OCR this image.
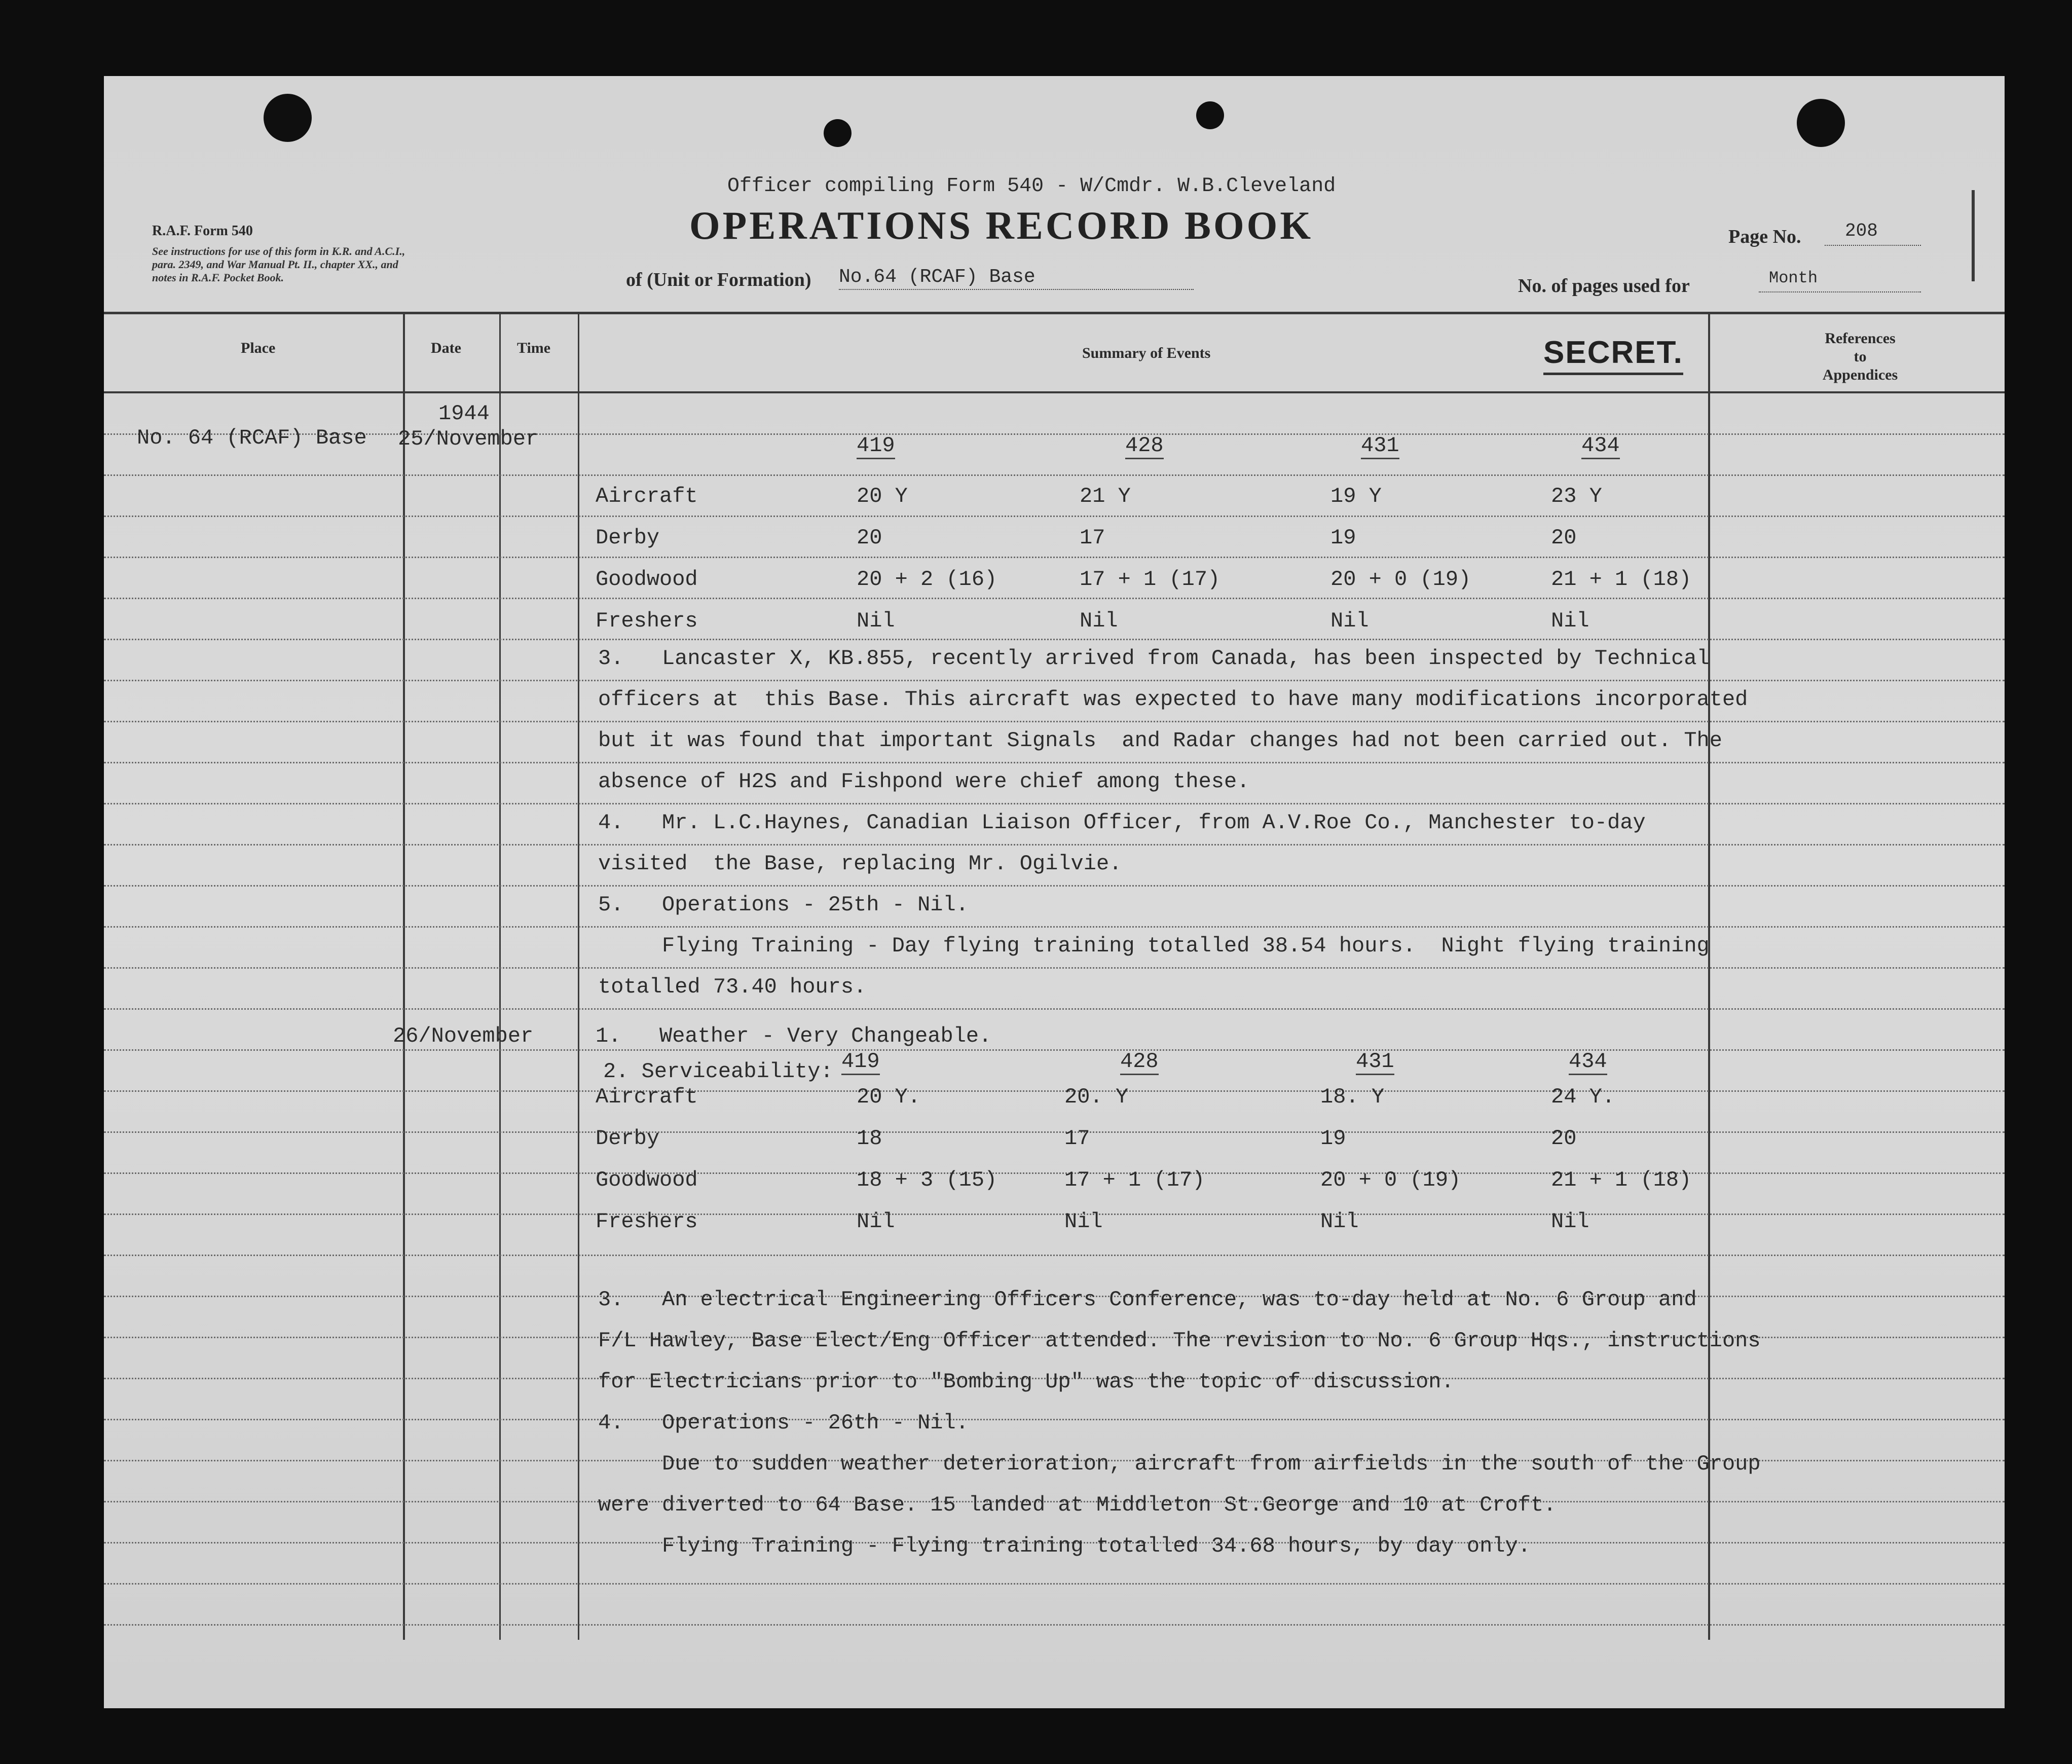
R.A.F. Form 540
See instructions for use of this form in K.R. and A.C.I.,
para. 2349, and War Manual Pt. II., chapter XX., and
notes in R.A.F. Pocket Book.
Officer compiling Form 540 - W/Cmdr. W.B.Cleveland
OPERATIONS RECORD BOOK	Page No.	208
of (Unit or Formation) No.64 (RCAF) Base	No. of pages used for	Month
Place	Date	Time	Summary of Events	SECRET.	References
to
Appendices
No. 64 (RCAF) Base
1944
25/November
26/November
419	428	431	434
Aircraft	20 Y	21 Y	19 Y	23 Y
Derby	20	17	19	20
Goodwood	20 + 2 (16)	17 + 1 (17)	20 + 0 (19)	21 + 1 (18)
Freshers	Nil	Nil	Nil	Nil
3.   Lancaster X, KB.855, recently arrived from Canada, has been inspected by Technical
officers at  this Base. This aircraft was expected to have many modifications incorporated
but it was found that important Signals  and Radar changes had not been carried out. The
absence of H2S and Fishpond were chief among these.
4.   Mr. L.C.Haynes, Canadian Liaison Officer, from A.V.Roe Co., Manchester to-day
visited  the Base, replacing Mr. Ogilvie.
5.   Operations - 25th - Nil.
Flying Training - Day flying training totalled 38.54 hours.  Night flying training
totalled 73.40 hours.
1.   Weather - Very Changeable.
2. Serviceability: 419	428	431	434
Aircraft	20 Y.	20. Y	18. Y	24 Y.
Derby	18	17	19	20
Goodwood	18 + 3 (15)	17 + 1 (17)	20 + 0 (19)	21 + 1 (18)
Freshers	Nil	Nil	Nil	Nil
3.   An electrical Engineering Officers Conference, was to-day held at No. 6 Group and
F/L Hawley, Base Elect/Eng Officer attended. The revision to No. 6 Group Hqs., instructions
for Electricians prior to "Bombing Up" was the topic of discussion.
4.   Operations - 26th - Nil.
Due to sudden weather deterioration, aircraft from airfields in the south of the Group
were diverted to 64 Base. 15 landed at Middleton St.George and 10 at Croft.
Flying Training - Flying training totalled 34.68 hours, by day only.
